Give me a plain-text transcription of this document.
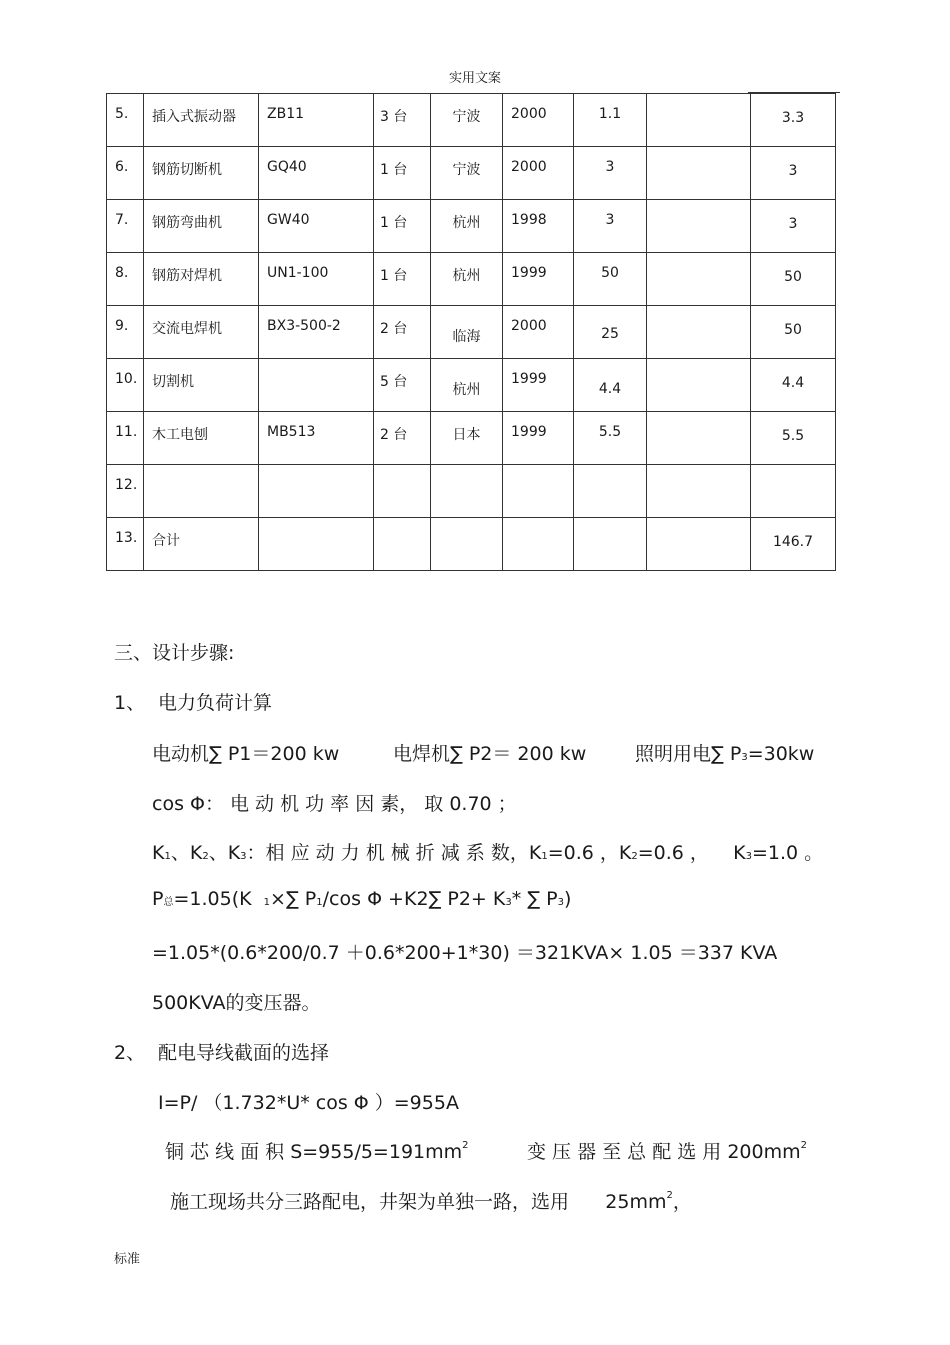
实用文案
5.	插入式振动器	ZB11	3 台	宁波	2000	1.1		3.3

6.	钢筋切断机	GQ40	1 台	宁波	2000	3		3

7.	钢筋弯曲机	GW40	1 台	杭州	1998	3		3

8.	钢筋对焊机	UN1-100	1 台	杭州	1999	50		50

9.	交流电焊机	BX3-500-2	2 台	临海	2000	25		50

10.	切割机		5 台	杭州	1999	4.4		4.4

11.	木工电刨	MB513	2 台	日本	1999	5.5		5.5

12.								

13.	合计							146.7
三、设计步骤:
1、 电力负荷计算
电动机∑ P1＝200 kw	电焊机∑ P2＝ 200 kw	照明用电∑ P3=30kw
cos Φ： 电 动 机 功 率 因 素， 取 0.70 ；
K1、K2、K3：相 应 动 力 机 械 折 减 系 数，K1=0.6 ，K2=0.6 ， K3=1.0 。
P总=1.05(K 1×∑ P1/cos Φ +K2∑ P2+ K3* ∑ P3)
=1.05*(0.6*200/0.7 ＋0.6*200+1*30) ＝321KVA× 1.05 ＝337 KVA
500KVA的变压器。
2、 配电导线截面的选择
I=P/ （1.732*U* cos Φ ）=955A
铜 芯 线 面 积 $S=955/5=191mm^2$	变 压 器 至 总 配 选 用 $200mm^2$
施工现场共分三路配电，井架为单独一路，选用 $25mm^2$，
标准
